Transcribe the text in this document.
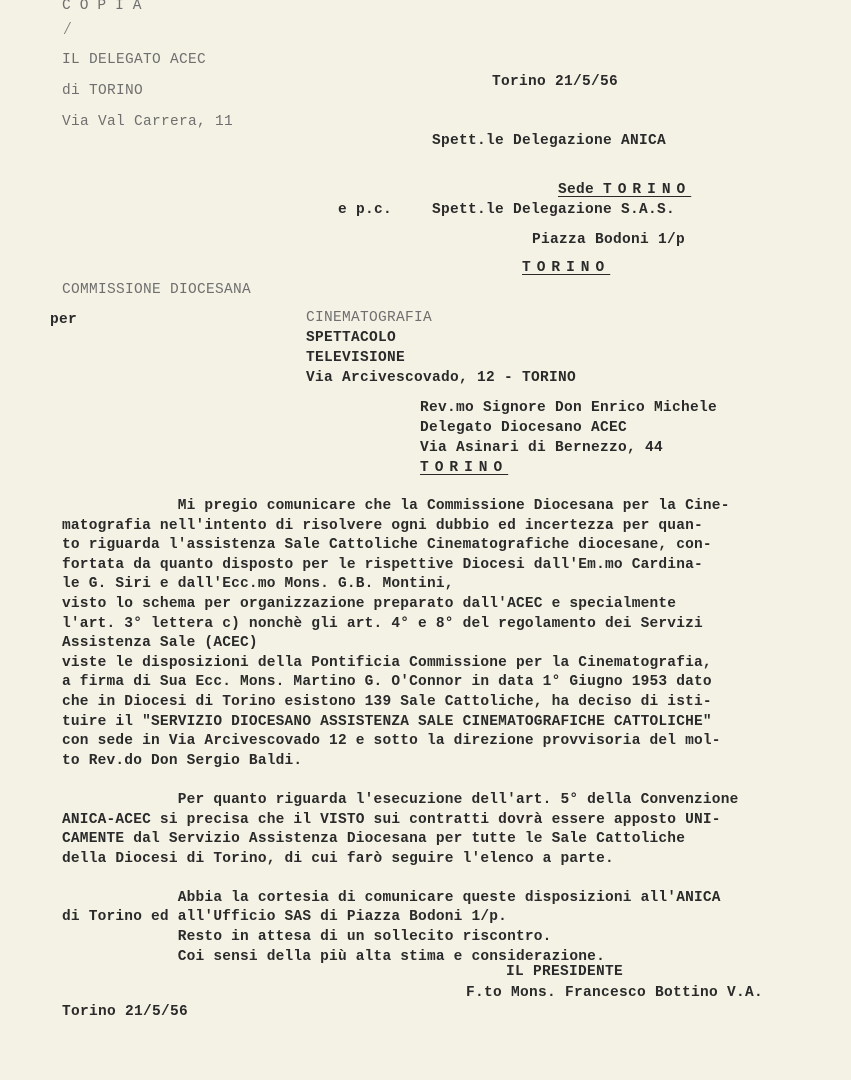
COPIA
⁄
IL DELEGATO ACEC
di TORINO
Via Val Carrera, 11
Torino 21/5/56
Spett.le Delegazione ANICA

Sede TORINO

e p.c.	Spett.le Delegazione S.A.S.
Piazza Bodoni 1/p
TORINO
COMMISSIONE DIOCESANA
per	CINEMATOGRAFIA
SPETTACOLO
TELEVISIONE
Via Arcivescovado, 12 - TORINO
Rev.mo Signore Don Enrico Michele
Delegato Diocesano ACEC
Via Asinari di Bernezzo, 44
TORINO
Mi pregio comunicare che la Commissione Diocesana per la Cine-
matografia nell'intento di risolvere ogni dubbio ed incertezza per quan-
to riguarda l'assistenza Sale Cattoliche Cinematografiche diocesane, con-
fortata da quanto disposto per le rispettive Diocesi dall'Em.mo Cardina-
le G. Siri e dall'Ecc.mo Mons. G.B. Montini,
visto lo schema per organizzazione preparato dall'ACEC e specialmente
l'art. 3° lettera c) nonchè gli art. 4° e 8° del regolamento dei Servizi
Assistenza Sale (ACEC)
viste le disposizioni della Pontificia Commissione per la Cinematografia,
a firma di Sua Ecc. Mons. Martino G. O'Connor in data 1° Giugno 1953 dato
che in Diocesi di Torino esistono 139 Sale Cattoliche, ha deciso di isti-
tuire il "SERVIZIO DIOCESANO ASSISTENZA SALE CINEMATOGRAFICHE CATTOLICHE"
con sede in Via Arcivescovado 12 e sotto la direzione provvisoria del mol-
to Rev.do Don Sergio Baldi.

Per quanto riguarda l'esecuzione dell'art. 5° della Convenzione
ANICA-ACEC si precisa che il VISTO sui contratti dovrà essere apposto UNI-
CAMENTE dal Servizio Assistenza Diocesana per tutte le Sale Cattoliche
della Diocesi di Torino, di cui farò seguire l'elenco a parte.

Abbia la cortesia di comunicare queste disposizioni all'ANICA
di Torino ed all'Ufficio SAS di Piazza Bodoni 1/p.
Resto in attesa di un sollecito riscontro.
Coi sensi della più alta stima e considerazione.
IL PRESIDENTE
F.to Mons. Francesco Bottino V.A.
Torino 21/5/56
